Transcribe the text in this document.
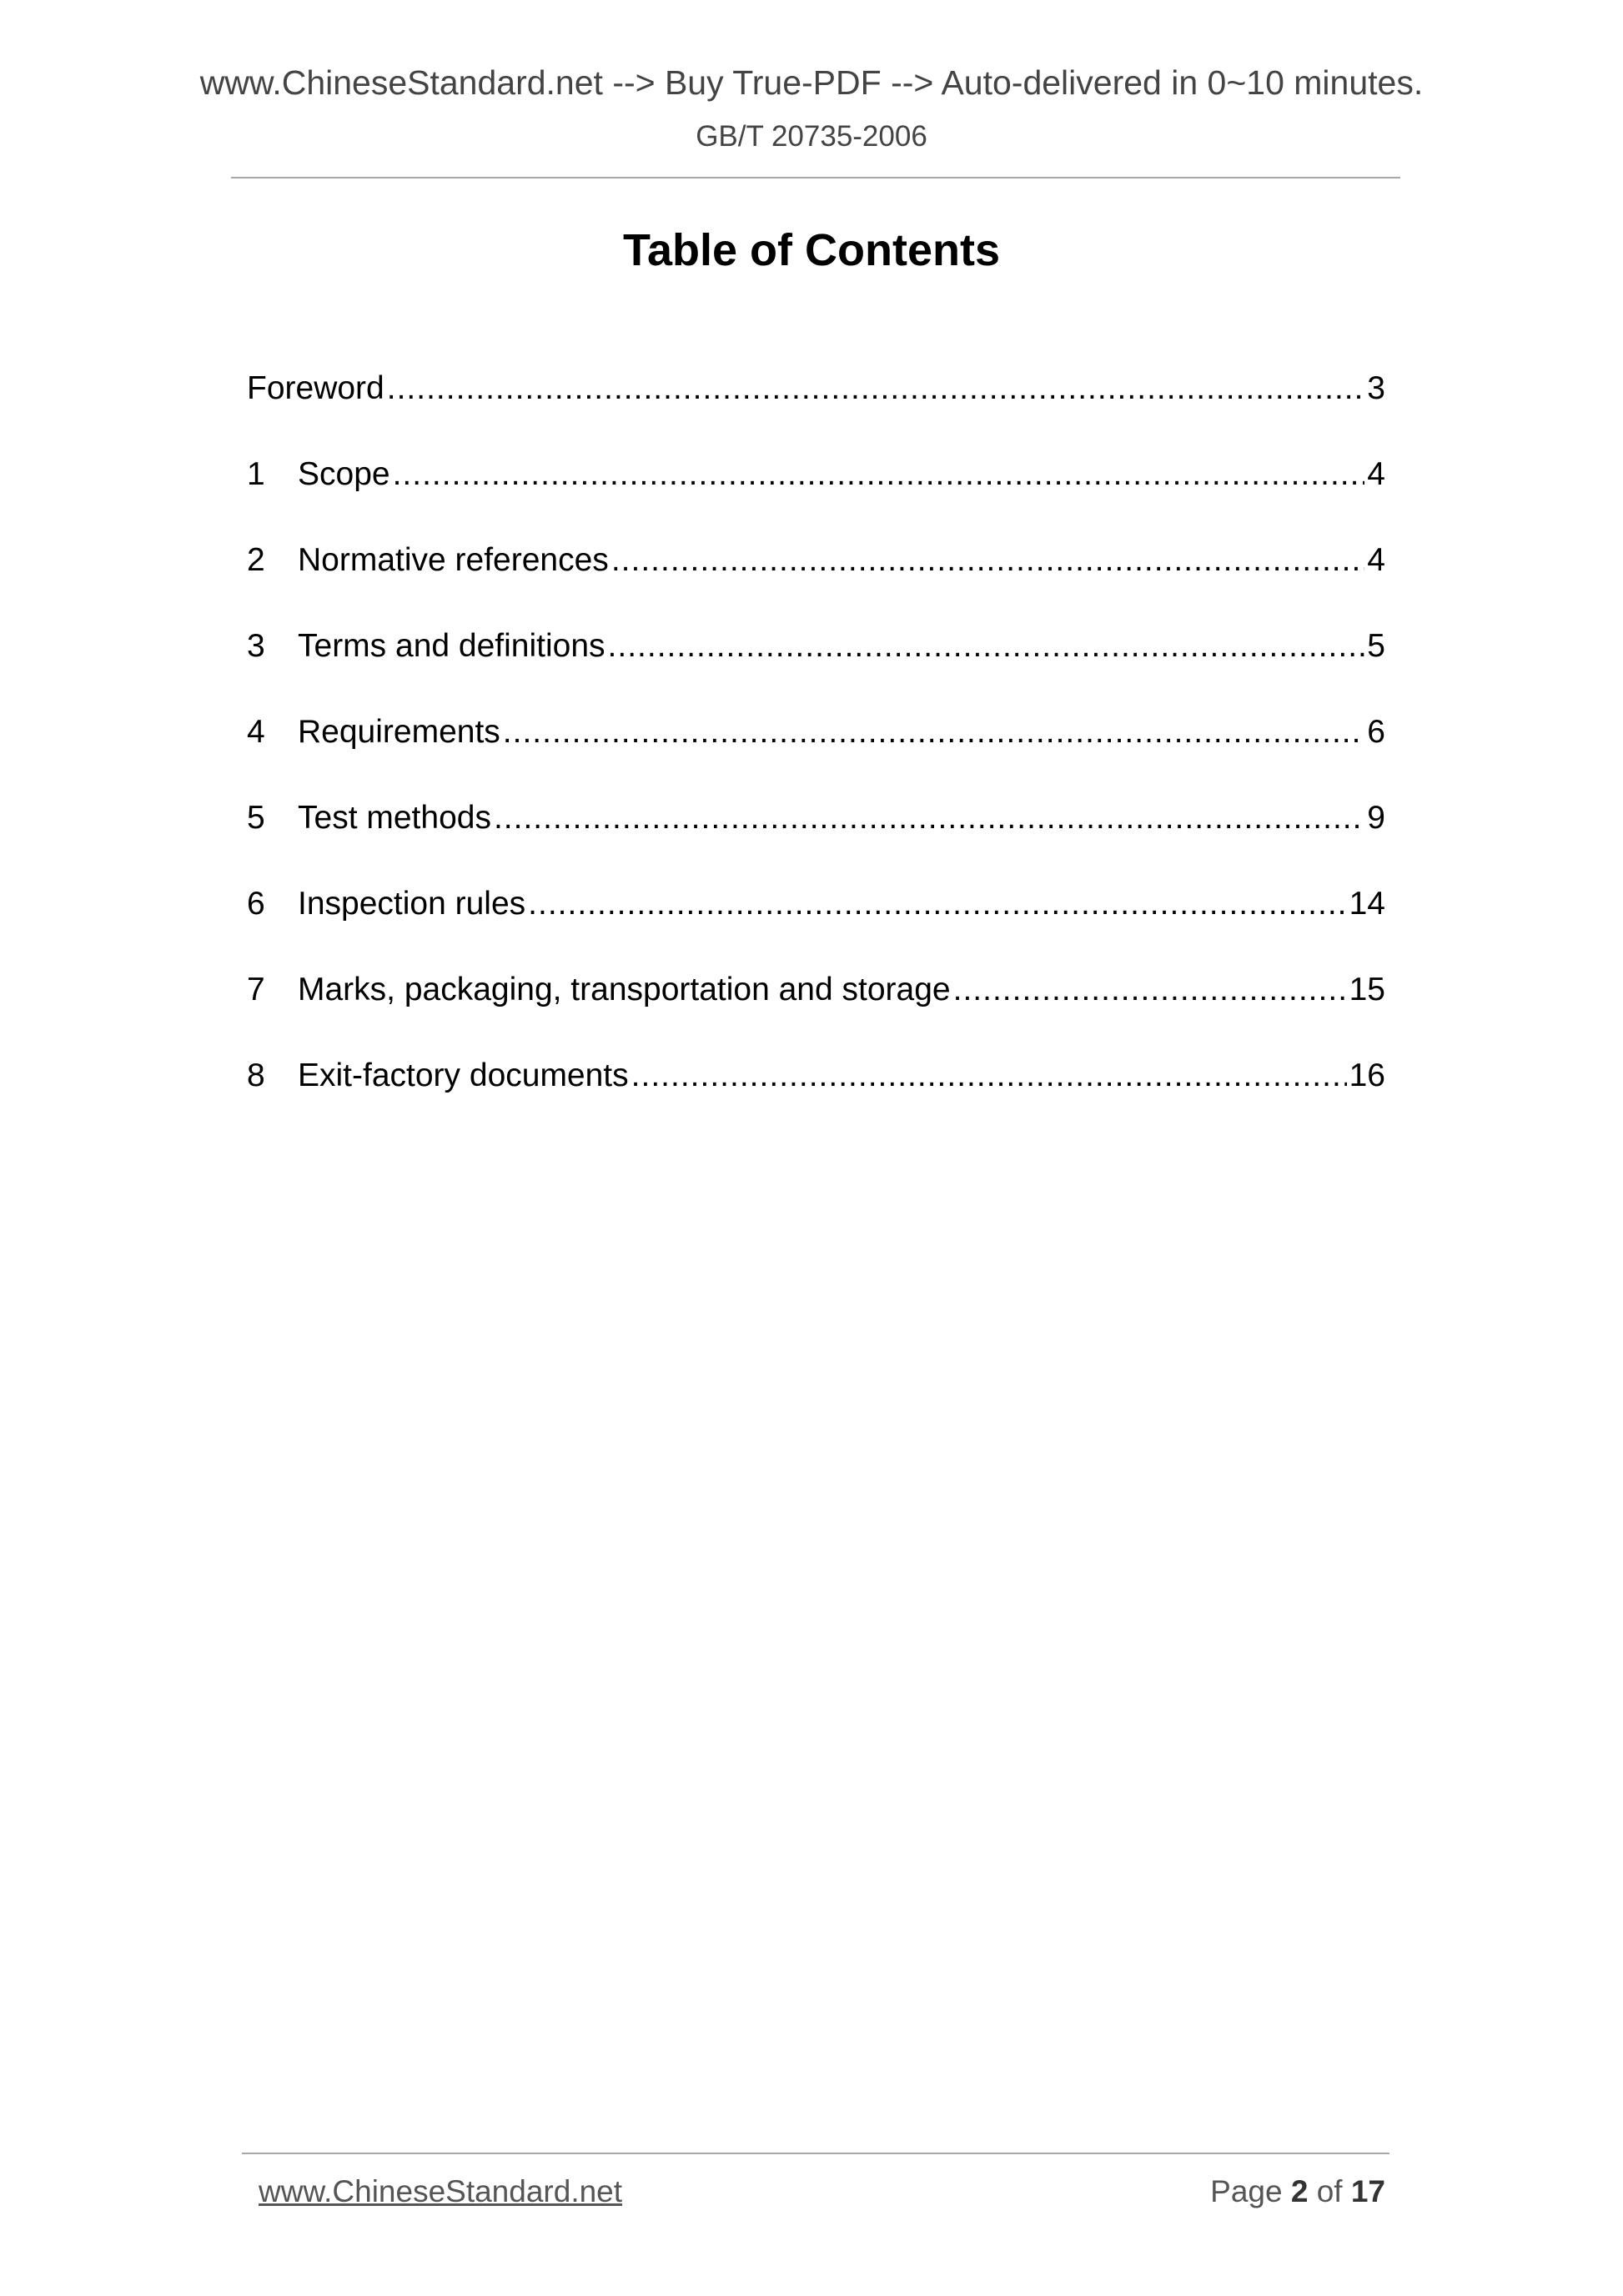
www.ChineseStandard.net --> Buy True-PDF --> Auto-delivered in 0~10 minutes.
GB/T 20735-2006
Table of Contents
Foreword .....	3
1	Scope .....	4
2	Normative references .....	4
3	Terms and definitions .....	5
4	Requirements .....	6
5	Test methods .....	9
6	Inspection rules .....	14
7	Marks, packaging, transportation and storage .....	15
8	Exit-factory documents .....	16
www.ChineseStandard.net	Page 2 of 17
